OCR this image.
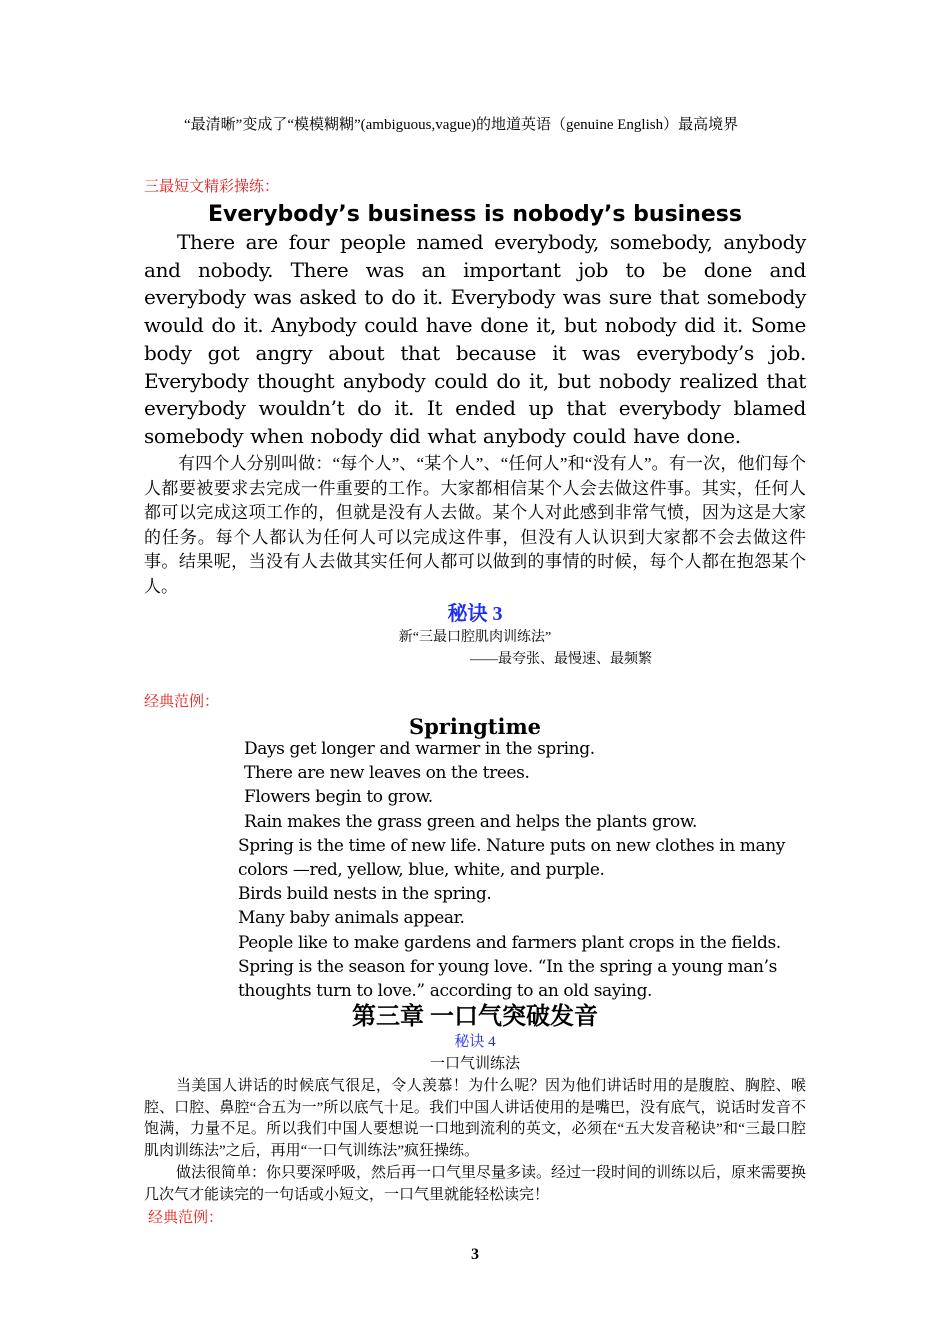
“最清晰”变成了“模模糊糊”(ambiguous,vague)的地道英语（genuine English）最高境界

三最短文精彩操练：
Everybody’s business is nobody’s business

There are four people named everybody, somebody, anybody and nobody. There was an important job to be done and everybody was asked to do it. Everybody was sure that somebody would do it. Anybody could have done it, but nobody did it. Some body got angry about that because it was everybody’s job. Everybody thought anybody could do it, but nobody realized that everybody wouldn’t do it. It ended up that everybody blamed somebody when nobody did what anybody could have done.

有四个人分别叫做：“每个人”、“某个人”、“任何人”和“没有人”。有一次，他们每个人都要被要求去完成一件重要的工作。大家都相信某个人会去做这件事。其实，任何人都可以完成这项工作的，但就是没有人去做。某个人对此感到非常气愤，因为这是大家的任务。每个人都认为任何人可以完成这件事，但没有人认识到大家都不会去做这件事。结果呢，当没有人去做其实任何人都可以做到的事情的时候，每个人都在抱怨某个人。

秘诀 3
新“三最口腔肌肉训练法”
——最夸张、最慢速、最频繁
经典范例：
Springtime
Days get longer and warmer in the spring.
There are new leaves on the trees.
Flowers begin to grow.
Rain makes the grass green and helps the plants grow.
Spring is the time of new life. Nature puts on new clothes in many colors —red, yellow, blue, white, and purple.
Birds build nests in the spring.
Many baby animals appear.
People like to make gardens and farmers plant crops in the fields.
Spring is the season for young love. “In the spring a young man’s thoughts turn to love.” according to an old saying.
第三章 一口气突破发音
秘诀 4
一口气训练法

当美国人讲话的时候底气很足，令人羡慕！为什么呢？因为他们讲话时用的是腹腔、胸腔、喉腔、口腔、鼻腔“合五为一”所以底气十足。我们中国人讲话使用的是嘴巴，没有底气，说话时发音不饱满，力量不足。所以我们中国人要想说一口地到流利的英文，必须在“五大发音秘诀”和“三最口腔肌肉训练法”之后，再用“一口气训练法”疯狂操练。

做法很简单：你只要深呼吸，然后再一口气里尽量多读。经过一段时间的训练以后，原来需要换几次气才能读完的一句话或小短文，一口气里就能轻松读完！

经典范例：
3
